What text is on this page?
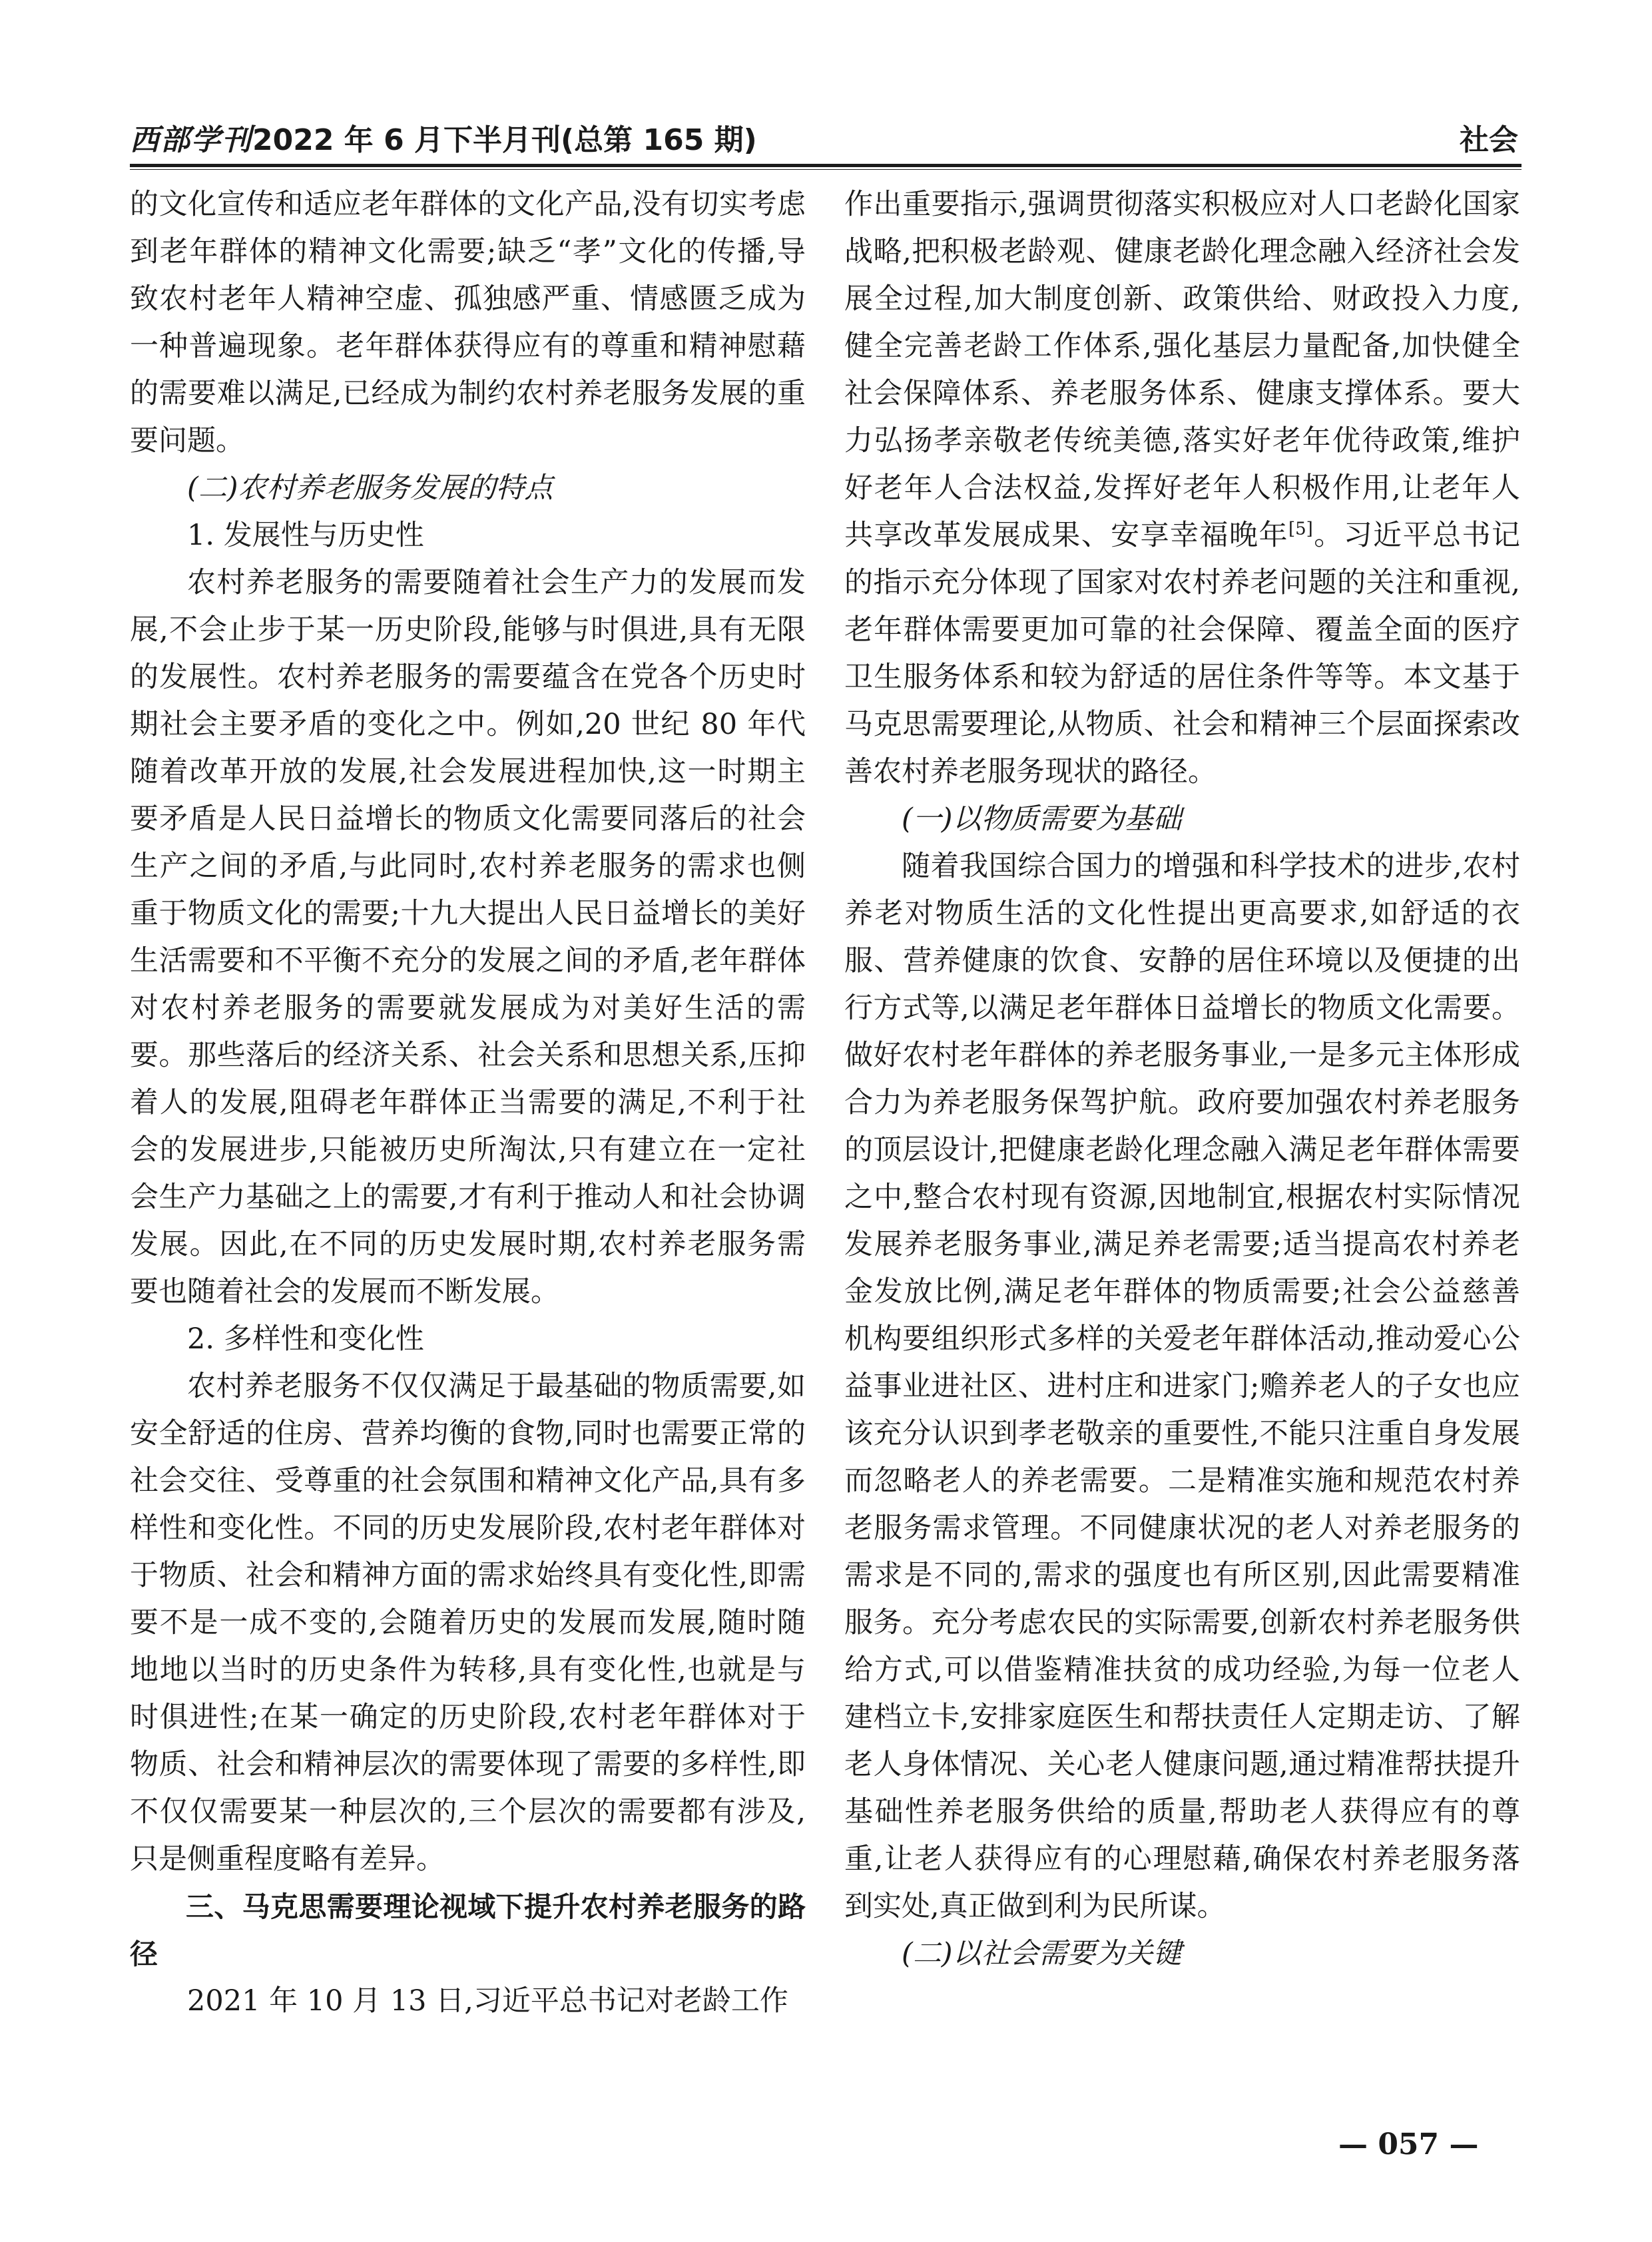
西部学刊2022 年 6 月下半月刊(总第 165 期)	社会

的文化宣传和适应老年群体的文化产品,没有切实考虑到老年群体的精神文化需要;缺乏“孝”文化的传播,导致农村老年人精神空虚、孤独感严重、情感匮乏成为一种普遍现象。老年群体获得应有的尊重和精神慰藉的需要难以满足,已经成为制约农村养老服务发展的重要问题。

(二)农村养老服务发展的特点

1. 发展性与历史性

农村养老服务的需要随着社会生产力的发展而发展,不会止步于某一历史阶段,能够与时俱进,具有无限的发展性。农村养老服务的需要蕴含在党各个历史时期社会主要矛盾的变化之中。例如,20 世纪 80 年代随着改革开放的发展,社会发展进程加快,这一时期主要矛盾是人民日益增长的物质文化需要同落后的社会生产之间的矛盾,与此同时,农村养老服务的需求也侧重于物质文化的需要;十九大提出人民日益增长的美好生活需要和不平衡不充分的发展之间的矛盾,老年群体对农村养老服务的需要就发展成为对美好生活的需要。那些落后的经济关系、社会关系和思想关系,压抑着人的发展,阻碍老年群体正当需要的满足,不利于社会的发展进步,只能被历史所淘汰,只有建立在一定社会生产力基础之上的需要,才有利于推动人和社会协调发展。因此,在不同的历史发展时期,农村养老服务需要也随着社会的发展而不断发展。

2. 多样性和变化性

农村养老服务不仅仅满足于最基础的物质需要,如安全舒适的住房、营养均衡的食物,同时也需要正常的社会交往、受尊重的社会氛围和精神文化产品,具有多样性和变化性。不同的历史发展阶段,农村老年群体对于物质、社会和精神方面的需求始终具有变化性,即需要不是一成不变的,会随着历史的发展而发展,随时随地地以当时的历史条件为转移,具有变化性,也就是与时俱进性;在某一确定的历史阶段,农村老年群体对于物质、社会和精神层次的需要体现了需要的多样性,即不仅仅需要某一种层次的,三个层次的需要都有涉及,只是侧重程度略有差异。

三、马克思需要理论视域下提升农村养老服务的路径

2021 年 10 月 13 日,习近平总书记对老龄工作

作出重要指示,强调贯彻落实积极应对人口老龄化国家战略,把积极老龄观、健康老龄化理念融入经济社会发展全过程,加大制度创新、政策供给、财政投入力度,健全完善老龄工作体系,强化基层力量配备,加快健全社会保障体系、养老服务体系、健康支撑体系。要大力弘扬孝亲敬老传统美德,落实好老年优待政策,维护好老年人合法权益,发挥好老年人积极作用,让老年人共享改革发展成果、安享幸福晚年[5]。习近平总书记的指示充分体现了国家对农村养老问题的关注和重视,老年群体需要更加可靠的社会保障、覆盖全面的医疗卫生服务体系和较为舒适的居住条件等等。本文基于马克思需要理论,从物质、社会和精神三个层面探索改善农村养老服务现状的路径。

(一)以物质需要为基础

随着我国综合国力的增强和科学技术的进步,农村养老对物质生活的文化性提出更高要求,如舒适的衣服、营养健康的饮食、安静的居住环境以及便捷的出行方式等,以满足老年群体日益增长的物质文化需要。做好农村老年群体的养老服务事业,一是多元主体形成合力为养老服务保驾护航。政府要加强农村养老服务的顶层设计,把健康老龄化理念融入满足老年群体需要之中,整合农村现有资源,因地制宜,根据农村实际情况发展养老服务事业,满足养老需要;适当提高农村养老金发放比例,满足老年群体的物质需要;社会公益慈善机构要组织形式多样的关爱老年群体活动,推动爱心公益事业进社区、进村庄和进家门;赡养老人的子女也应该充分认识到孝老敬亲的重要性,不能只注重自身发展而忽略老人的养老需要。二是精准实施和规范农村养老服务需求管理。不同健康状况的老人对养老服务的需求是不同的,需求的强度也有所区别,因此需要精准服务。充分考虑农民的实际需要,创新农村养老服务供给方式,可以借鉴精准扶贫的成功经验,为每一位老人建档立卡,安排家庭医生和帮扶责任人定期走访、了解老人身体情况、关心老人健康问题,通过精准帮扶提升基础性养老服务供给的质量,帮助老人获得应有的尊重,让老人获得应有的心理慰藉,确保农村养老服务落到实处,真正做到利为民所谋。

(二)以社会需要为关键

— 057 —
